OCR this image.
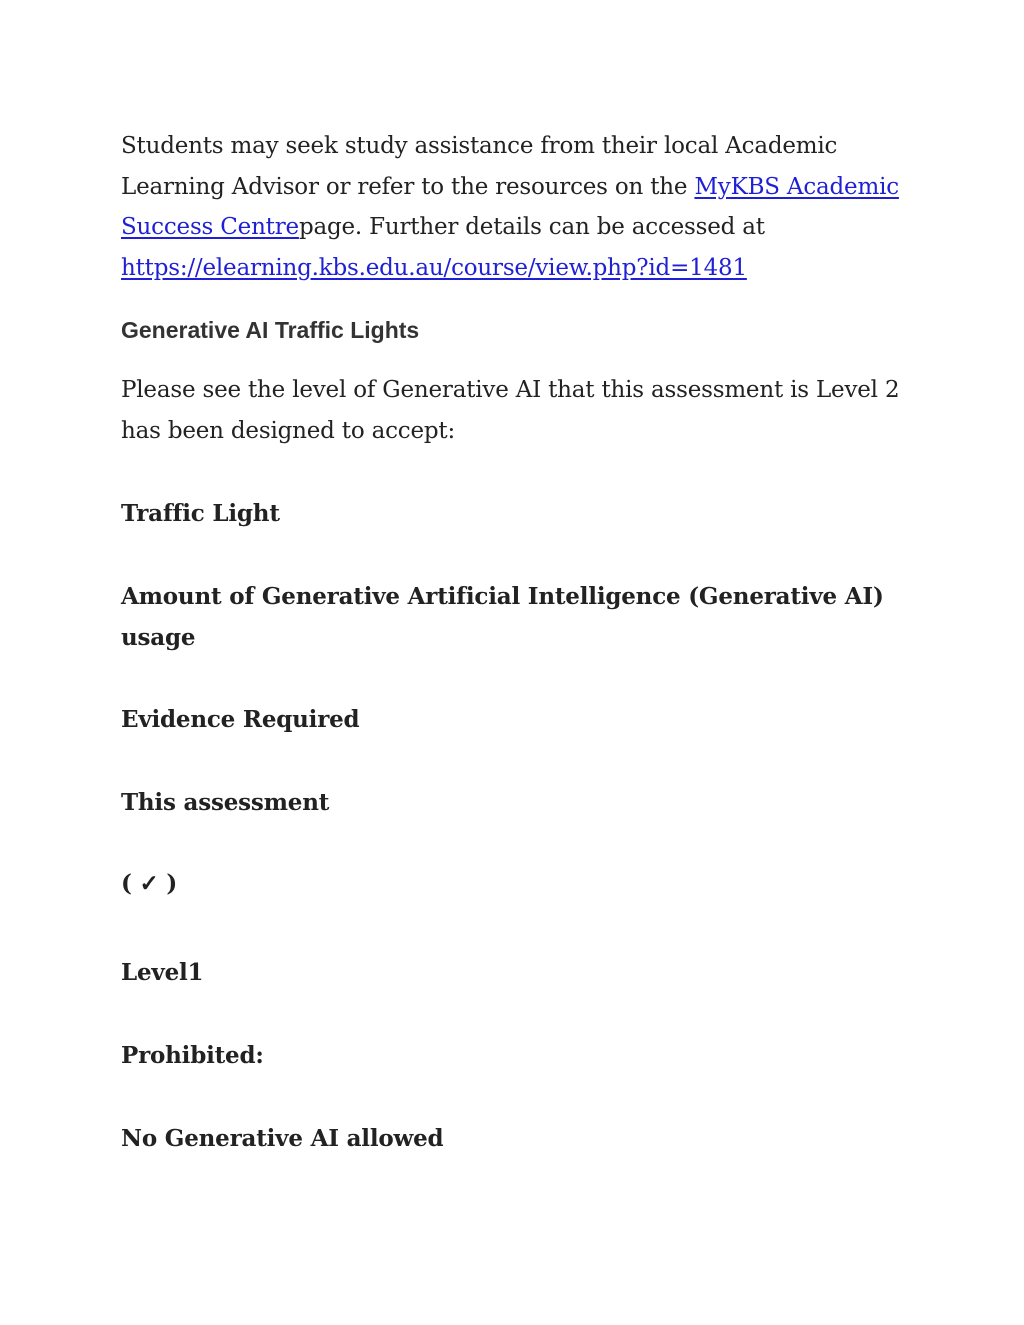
Students may seek study assistance from their local Academic Learning Advisor or refer to the resources on the MyKBS Academic Success Centrepage. Further details can be accessed at https://elearning.kbs.edu.au/course/view.php?id=1481

Generative AI Traffic Lights

Please see the level of Generative AI that this assessment is Level 2 has been designed to accept:

Traffic Light

Amount of Generative Artificial Intelligence (Generative AI) usage

Evidence Required

This assessment

( ✓ )

Level1

Prohibited:

No Generative AI allowed
